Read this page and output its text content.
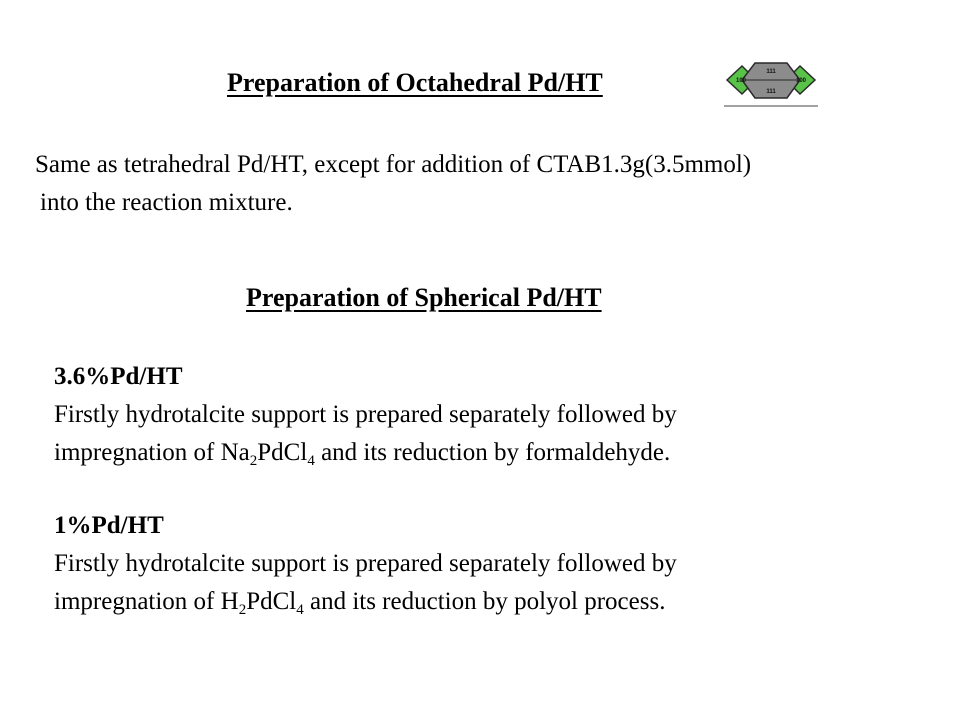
Preparation of Octahedral Pd/HT	111
111
100	100
Same as tetrahedral Pd/HT, except for addition of CTAB1.3g(3.5mmol)
into the reaction mixture.
Preparation of Spherical Pd/HT
3.6%Pd/HT
Firstly hydrotalcite support is prepared separately followed by
impregnation of $Na_2PdCl_4$ and its reduction by formaldehyde.
1%Pd/HT
Firstly hydrotalcite support is prepared separately followed by
impregnation of $H_2PdCl_4$ and its reduction by polyol process.
